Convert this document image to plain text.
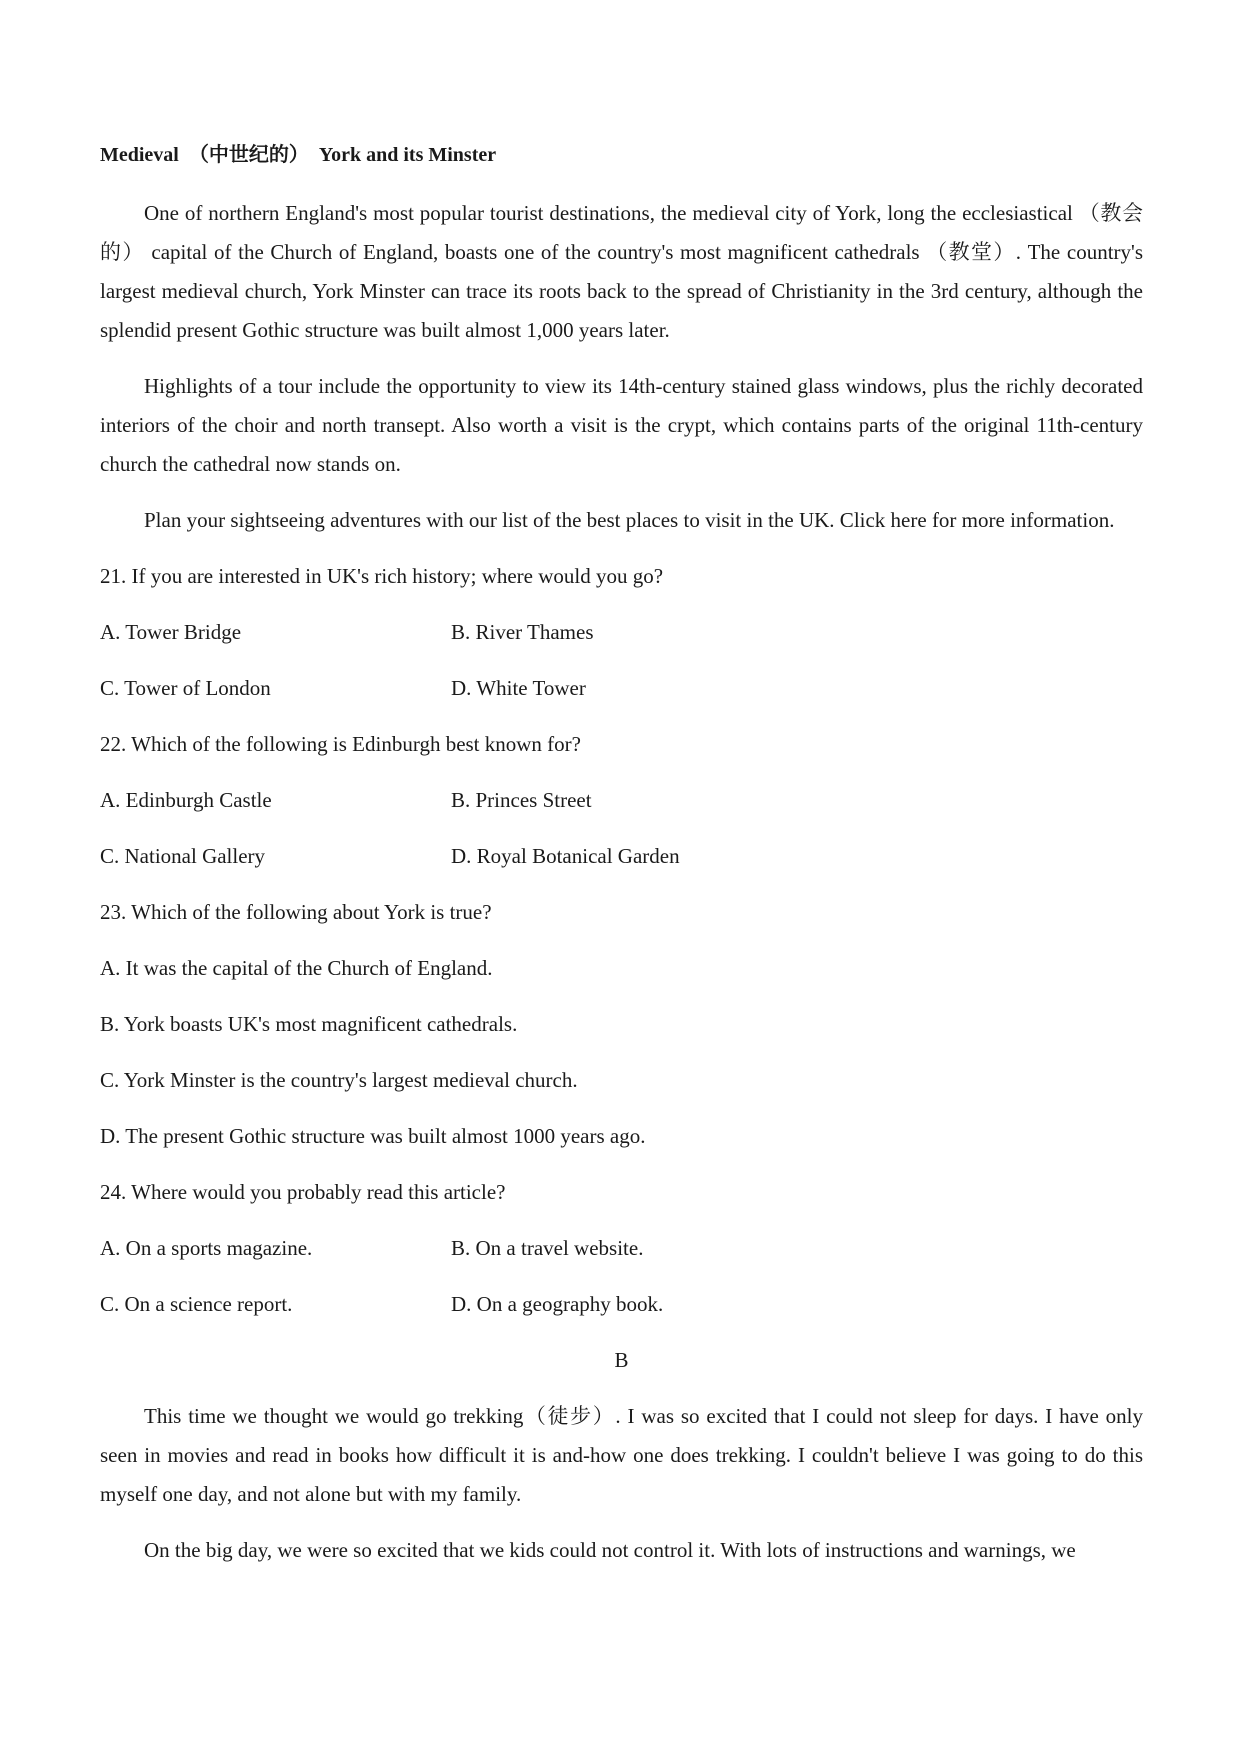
Medieval （中世纪的） York and its Minster

One of northern England's most popular tourist destinations, the medieval city of York, long the ecclesiastical （教会的） capital of the Church of England, boasts one of the country's most magnificent cathedrals （教堂）. The country's largest medieval church, York Minster can trace its roots back to the spread of Christianity in the 3rd century, although the splendid present Gothic structure was built almost 1,000 years later.

Highlights of a tour include the opportunity to view its 14th-century stained glass windows, plus the richly decorated interiors of the choir and north transept. Also worth a visit is the crypt, which contains parts of the original 11th-century church the cathedral now stands on.

Plan your sightseeing adventures with our list of the best places to visit in the UK. Click here for more information.

21. If you are interested in UK's rich history; where would you go?
A. Tower Bridge	B. River Thames
C. Tower of London	D. White Tower
22. Which of the following is Edinburgh best known for?
A. Edinburgh Castle	B. Princes Street
C. National Gallery	D. Royal Botanical Garden
23. Which of the following about York is true?
A. It was the capital of the Church of England.
B. York boasts UK's most magnificent cathedrals.
C. York Minster is the country's largest medieval church.
D. The present Gothic structure was built almost 1000 years ago.
24. Where would you probably read this article?
A. On a sports magazine.	B. On a travel website.
C. On a science report.	D. On a geography book.
B

This time we thought we would go trekking（徒步）. I was so excited that I could not sleep for days. I have only seen in movies and read in books how difficult it is and-how one does trekking. I couldn't believe I was going to do this myself one day, and not alone but with my family.

On the big day, we were so excited that we kids could not control it. With lots of instructions and warnings, we
